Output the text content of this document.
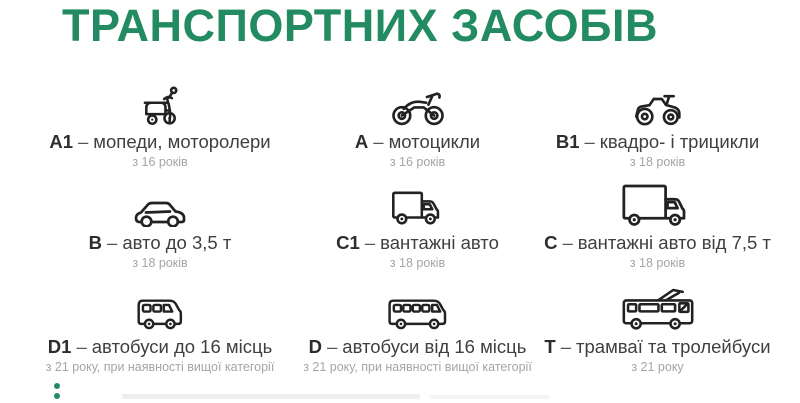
ТРАНСПОРТНИХ ЗАСОБІВ
A1 – мопеди, моторолери
з 16 років
A – мотоцикли
з 16 років
B1 – квадро- і трицикли
з 18 років
B – авто до 3,5 т
з 18 років
C1 – вантажні авто
з 18 років
C – вантажні авто від 7,5 т
з 18 років
D1 – автобуси до 16 місць
з 21 року, при наявності вищої категорії
D – автобуси від 16 місць
з 21 року, при наявності вищої категорії
T – трамваї та тролейбуси
з 21 року
